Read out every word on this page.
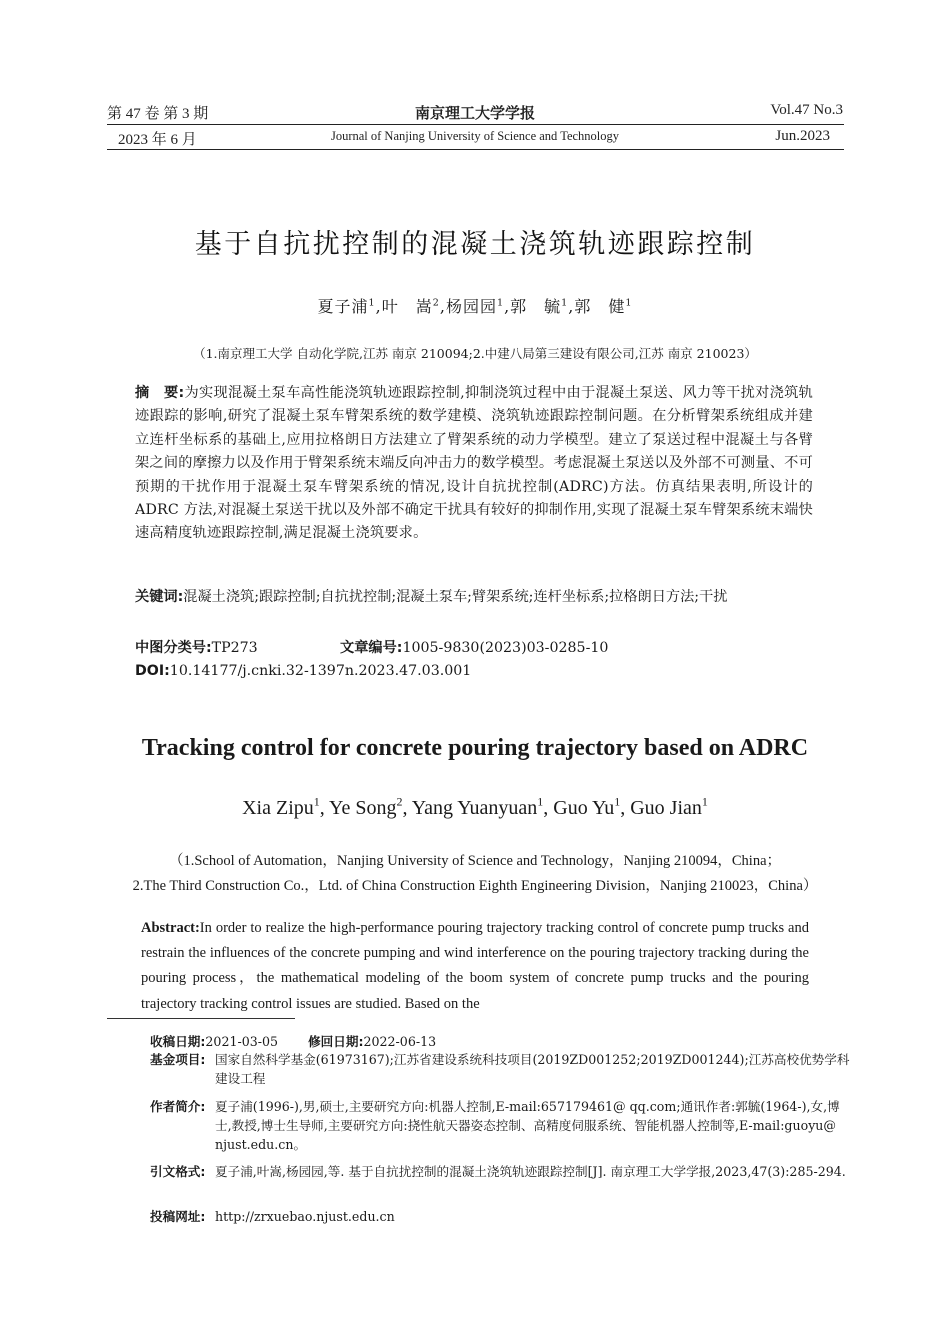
第 47 卷 第 3 期
2023 年 6 月
南京理工大学学报
Journal of Nanjing University of Science and Technology
Vol.47 No.3
Jun.2023
基于自抗扰控制的混凝土浇筑轨迹跟踪控制
夏子浦$^1$,叶　嵩$^2$,杨园园$^1$,郭　毓$^1$,郭　健$^1$
（1.南京理工大学 自动化学院,江苏 南京 210094;2.中建八局第三建设有限公司,江苏 南京 210023）
摘　要:为实现混凝土泵车高性能浇筑轨迹跟踪控制,抑制浇筑过程中由于混凝土泵送、风力等干扰对浇筑轨迹跟踪的影响,研究了混凝土泵车臂架系统的数学建模、浇筑轨迹跟踪控制问题。在分析臂架系统组成并建立连杆坐标系的基础上,应用拉格朗日方法建立了臂架系统的动力学模型。建立了泵送过程中混凝土与各臂架之间的摩擦力以及作用于臂架系统末端反向冲击力的数学模型。考虑混凝土泵送以及外部不可测量、不可预期的干扰作用于混凝土泵车臂架系统的情况,设计自抗扰控制(ADRC)方法。仿真结果表明,所设计的 ADRC 方法,对混凝土泵送干扰以及外部不确定干扰具有较好的抑制作用,实现了混凝土泵车臂架系统末端快速高精度轨迹跟踪控制,满足混凝土浇筑要求。
关键词:混凝土浇筑;跟踪控制;自抗扰控制;混凝土泵车;臂架系统;连杆坐标系;拉格朗日方法;干扰
中图分类号:TP273	文章编号:1005-9830(2023)03-0285-10
DOI:10.14177/j.cnki.32-1397n.2023.47.03.001
Tracking control for concrete pouring trajectory based on ADRC
Xia Zipu$^1$, Ye Song$^2$, Yang Yuanyuan$^1$, Guo Yu$^1$, Guo Jian$^1$
（1.School of Automation，Nanjing University of Science and Technology，Nanjing 210094，China；
2.The Third Construction Co.，Ltd. of China Construction Eighth Engineering Division，Nanjing 210023，China）
Abstract:In order to realize the high-performance pouring trajectory tracking control of concrete pump trucks and restrain the influences of the concrete pumping and wind interference on the pouring trajectory tracking during the pouring process，the mathematical modeling of the boom system of concrete pump trucks and the pouring trajectory tracking control issues are studied. Based on the
收稿日期:2021-03-05 修回日期:2022-06-13
基金项目: 国家自然科学基金(61973167);江苏省建设系统科技项目(2019ZD001252;2019ZD001244);江苏高校优势学科建设工程
作者简介: 夏子浦(1996-),男,硕士,主要研究方向:机器人控制,E-mail:657179461@ qq.com;通讯作者:郭毓(1964-),女,博士,教授,博士生导师,主要研究方向:挠性航天器姿态控制、高精度伺服系统、智能机器人控制等,E-mail:guoyu@ njust.edu.cn。
引文格式: 夏子浦,叶嵩,杨园园,等. 基于自抗扰控制的混凝土浇筑轨迹跟踪控制[J]. 南京理工大学学报,2023,47(3):285-294.
投稿网址: http://zrxuebao.njust.edu.cn
